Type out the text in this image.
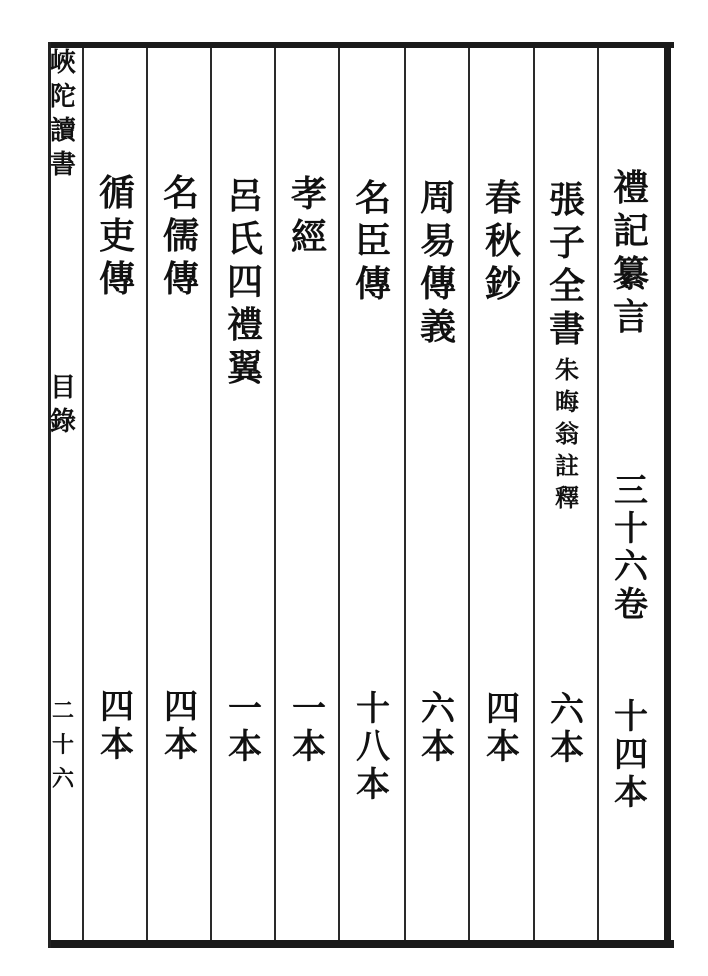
峽
陀
讀
書
目
錄
二
十
六
禮
記
纂
言
三
十
六
卷
十
四
本
張
子
全
書
朱
晦
翁
註
釋
六
本
春
秋
鈔
四
本
周
易
傳
義
六
本
名
臣
傳
十
八
本
孝
經
一
本
呂
氏
四
禮
翼
一
本
名
儒
傳
四
本
循
吏
傳
四
本
